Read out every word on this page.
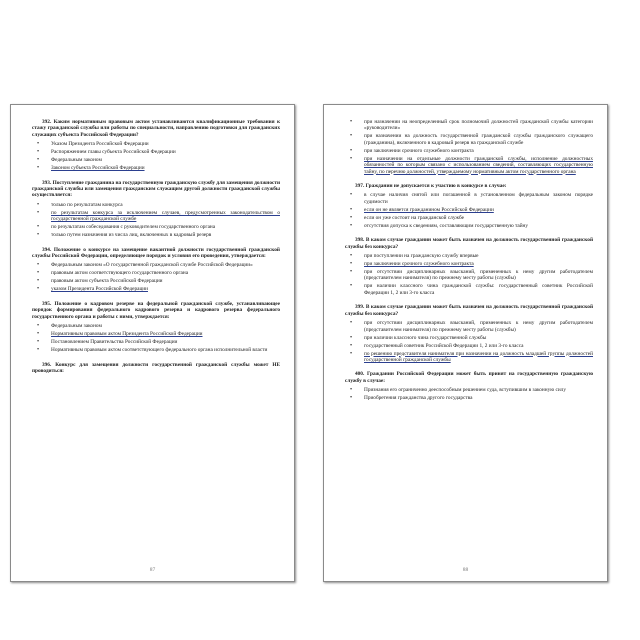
392. Каким нормативным правовым актом устанавливаются квалификационные требования к стажу гражданской службы или работы по специальности, направлению подготовки для гражданских служащих субъекта Российской Федерации?

• Указом Президента Российской Федерации
• Распоряжением главы субъекта Российской Федерации
• Федеральным законом
• Законом субъекта Российской Федерации

393. Поступление гражданина на государственную гражданскую службу для замещения должности гражданской службы или замещения гражданским служащим другой должности гражданской службы осуществляется:

• только по результатам конкурса
• по результатам конкурса за исключением случаев, предусмотренных законодательством о государственной гражданской службе
• по результатам собеседования с руководителем государственного органа
• только путем назначения из числа лиц, включенных в кадровый резерв

394. Положение о конкурсе на замещение вакантной должности государственной гражданской службы Российской Федерации, определяющее порядок и условия его проведения, утверждается:

• Федеральным законом «О государственной гражданской службе Российской Федерации»
• правовым актом соответствующего государственного органа
• правовым актом субъекта Российской Федерации
• указом Президента Российской Федерации

395. Положение о кадровом резерве на федеральной гражданской службе, устанавливающее порядок формирования федерального кадрового резерва и кадрового резерва федерального государственного органа и работы с ними, утверждается:

• Федеральным законом
• Нормативным правовым актом Президента Российской Федерации
• Постановлением Правительства Российской Федерации
• Нормативным правовым актом соответствующего федерального органа исполнительной власти

396. Конкурс для замещения должности государственной гражданской службы может НЕ проводиться:

87
• при назначении на неопределенный срок полномочий должностей гражданской службы категории «руководители»
• при назначении на должность государственной гражданской службы гражданского служащего (гражданина), включенного в кадровый резерв на гражданской службе
• при заключении срочного служебного контракта
• при назначении на отдельные должности гражданской службы, исполнение должностных обязанностей по которым связано с использованием сведений, составляющих государственную тайну, по перечню должностей, утверждаемому нормативным актом государственного органа

397. Гражданин не допускается к участию в конкурсе в случае:

• в случае наличия снятой или погашенной в установленном федеральным законом порядке судимости
• если он не является гражданином Российской Федерации
• если он уже состоит на гражданской службе
• отсутствия допуска к сведениям, составляющим государственную тайну

398. В каком случае гражданин может быть назначен на должность государственной гражданской службы без конкурса?

• при поступлении на гражданскую службу впервые
• при заключении срочного служебного контракта
• при отсутствии дисциплинарных взысканий, примененных к нему другим работодателем (представителем нанимателя) по прежнему месту работы (службы)
• при наличии классного чина гражданской службы: государственный советник Российской Федерации 1, 2 или 3-го класса

399. В каком случае гражданин может быть назначен на должность государственной гражданской службы без конкурса?

• при отсутствии дисциплинарных взысканий, примененных к нему другим работодателем (представителем нанимателя) по прежнему месту работы (службы)
• при наличии классного чина государственной службы
• государственный советник Российской Федерации 1, 2 или 3-го класса
• по решению представителя нанимателя при назначении на должность младшей группы должностей государственной гражданской службы

400. Гражданин Российской Федерации может быть принят на государственную гражданскую службу в случае:

• Признания его ограниченно дееспособным решением суда, вступившим в законную силу
• Приобретения гражданства другого государства
88
